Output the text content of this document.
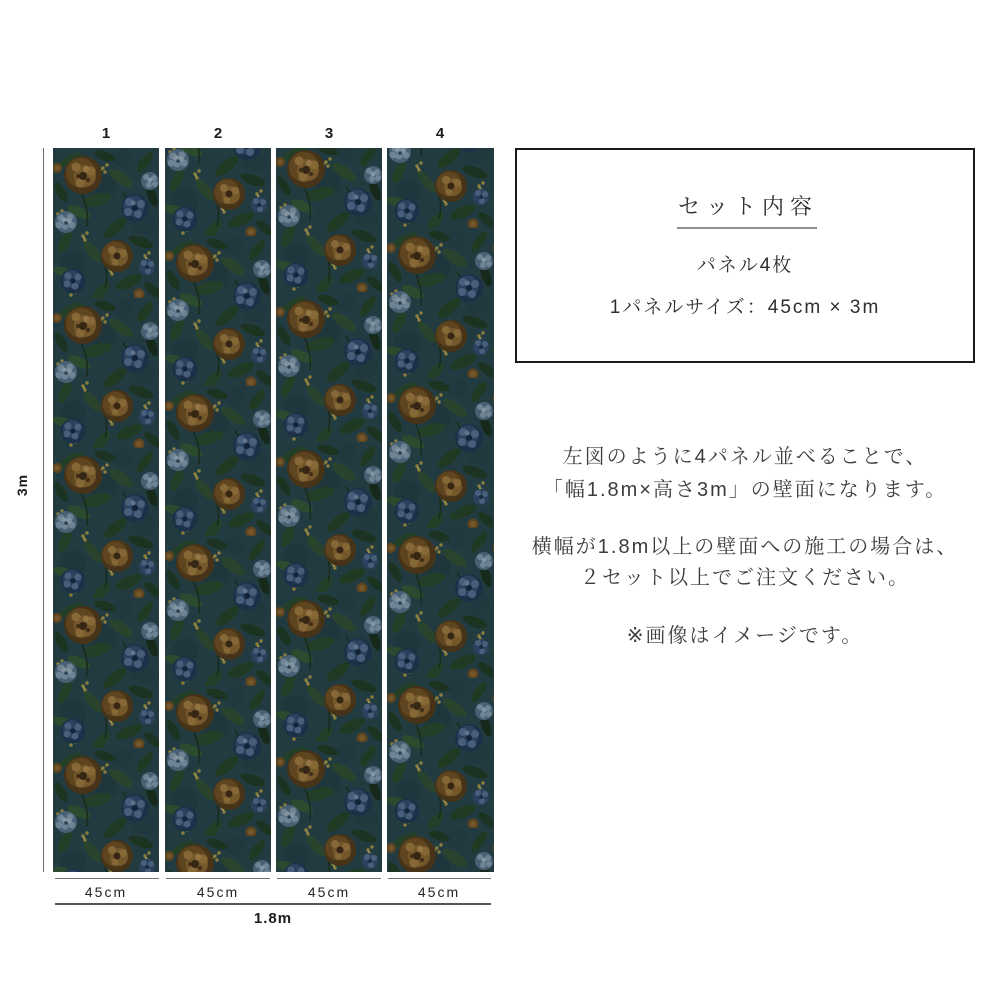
1	2	3	4
3m
45cm	45cm	45cm	45cm
1.8m
セット内容
パネル4枚
1パネルサイズ：45cm × 3m
左図のように4パネル並べることで、
「幅1.8m×高さ3m」の壁面になります。
横幅が1.8m以上の壁面への施工の場合は、
２セット以上でご注文ください。
※画像はイメージです。
